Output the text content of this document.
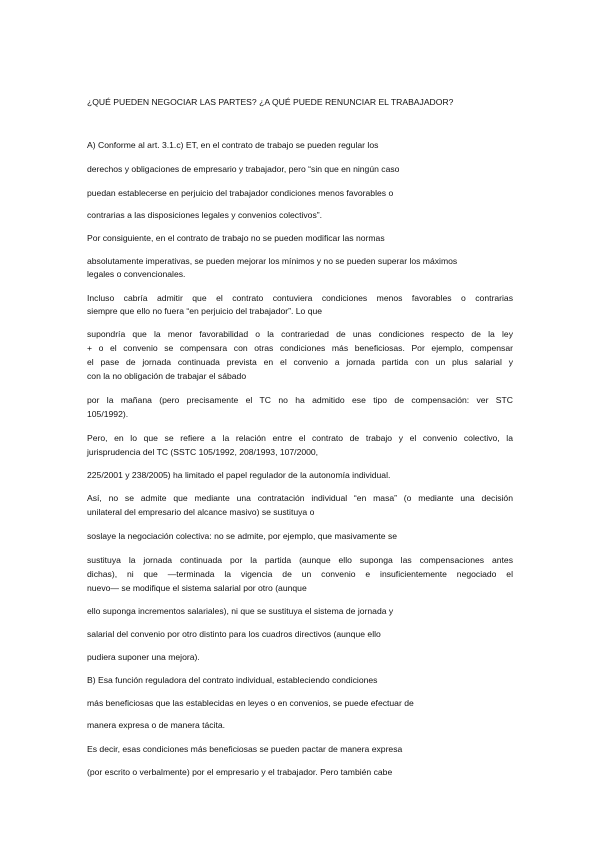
¿QUÉ PUEDEN NEGOCIAR LAS PARTES? ¿A QUÉ PUEDE RENUNCIAR EL TRABAJADOR?
A) Conforme al art. 3.1.c) ET, en el contrato de trabajo se pueden regular los
derechos y obligaciones de empresario y trabajador, pero “sin que en ningún caso
puedan establecerse en perjuicio del trabajador condiciones menos favorables o
contrarias a las disposiciones legales y convenios colectivos”.
Por consiguiente, en el contrato de trabajo no se pueden modificar las normas
absolutamente imperativas, se pueden mejorar los mínimos y no se pueden superar los máximos
legales o convencionales.
Incluso cabría admitir que el contrato contuviera condiciones menos favorables o contrarias
siempre que ello no fuera “en perjuicio del trabajador”. Lo que
supondría que la menor favorabilidad o la contrariedad de unas condiciones respecto de la ley
+ o el convenio se compensara con otras condiciones más beneficiosas. Por ejemplo, compensar
el pase de jornada continuada prevista en el convenio a jornada partida con un plus salarial y
con la no obligación de trabajar el sábado
por la mañana (pero precisamente el TC no ha admitido ese tipo de compensación: ver STC
105/1992).
Pero, en lo que se refiere a la relación entre el contrato de trabajo y el convenio colectivo, la
jurisprudencia del TC (SSTC 105/1992, 208/1993, 107/2000,
225/2001 y 238/2005) ha limitado el papel regulador de la autonomía individual.
Así, no se admite que mediante una contratación individual “en masa” (o mediante una decisión
unilateral del empresario del alcance masivo) se sustituya o
soslaye la negociación colectiva: no se admite, por ejemplo, que masivamente se
sustituya la jornada continuada por la partida (aunque ello suponga las compensaciones antes
dichas), ni que —terminada la vigencia de un convenio e insuficientemente negociado el
nuevo— se modifique el sistema salarial por otro (aunque
ello suponga incrementos salariales), ni que se sustituya el sistema de jornada y
salarial del convenio por otro distinto para los cuadros directivos (aunque ello
pudiera suponer una mejora).
B) Esa función reguladora del contrato individual, estableciendo condiciones
más beneficiosas que las establecidas en leyes o en convenios, se puede efectuar de
manera expresa o de manera tácita.
Es decir, esas condiciones más beneficiosas se pueden pactar de manera expresa
(por escrito o verbalmente) por el empresario y el trabajador. Pero también cabe
